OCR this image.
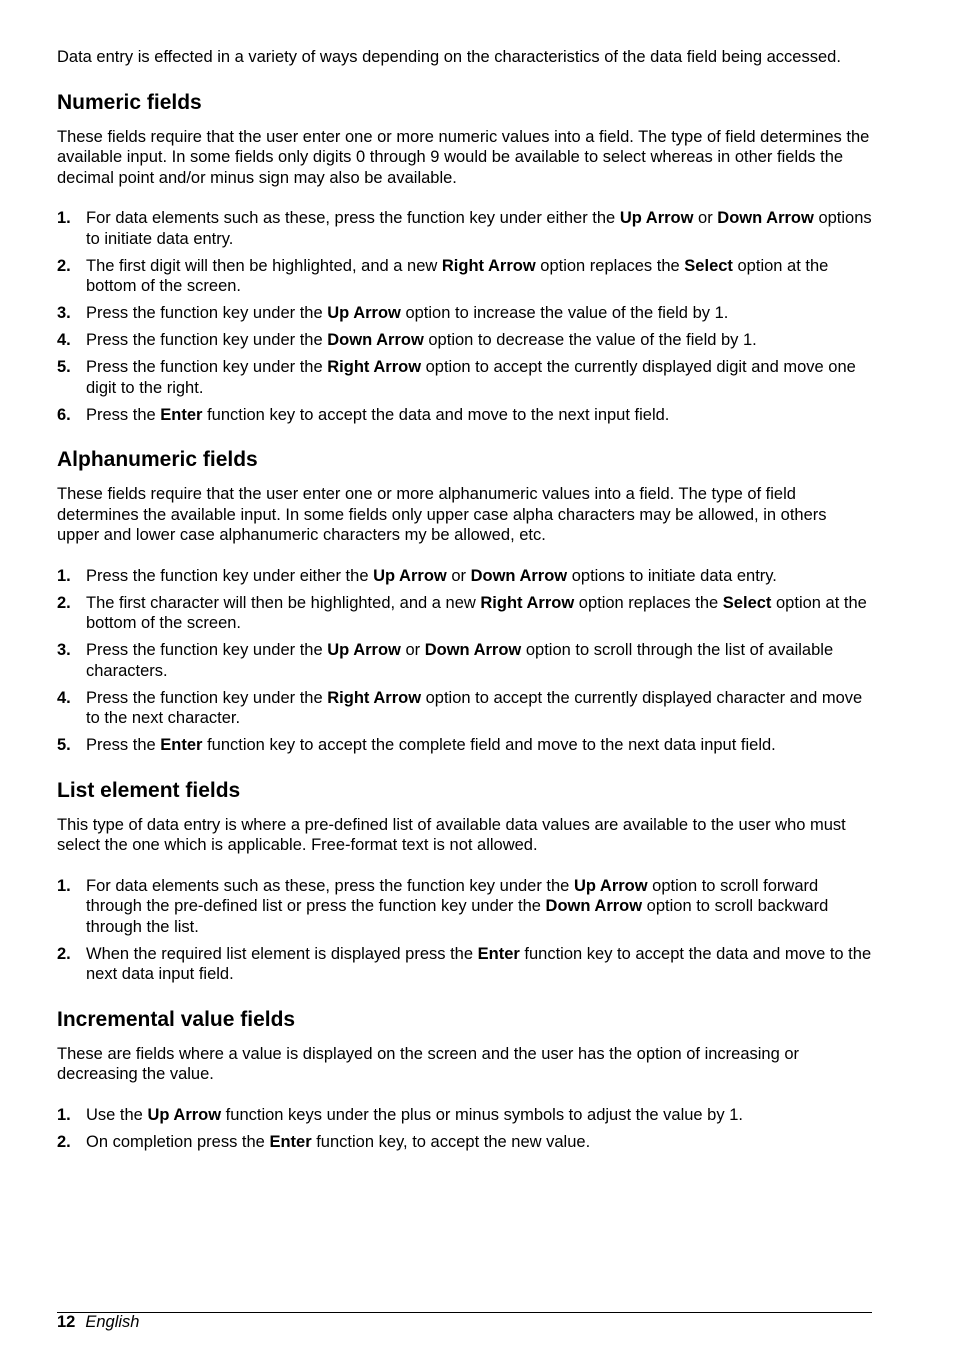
Data entry is effected in a variety of ways depending on the characteristics of the data field being accessed.

Numeric fields

These fields require that the user enter one or more numeric values into a field. The type of field determines the available input. In some fields only digits 0 through 9 would be available to select whereas in other fields the decimal point and/or minus sign may also be available.

1. For data elements such as these, press the function key under either the Up Arrow or Down Arrow options to initiate data entry.
2. The first digit will then be highlighted, and a new Right Arrow option replaces the Select option at the bottom of the screen.
3. Press the function key under the Up Arrow option to increase the value of the field by 1.
4. Press the function key under the Down Arrow option to decrease the value of the field by 1.
5. Press the function key under the Right Arrow option to accept the currently displayed digit and move one digit to the right.
6. Press the Enter function key to accept the data and move to the next input field.
Alphanumeric fields

These fields require that the user enter one or more alphanumeric values into a field. The type of field determines the available input. In some fields only upper case alpha characters may be allowed, in others upper and lower case alphanumeric characters my be allowed, etc.

1. Press the function key under either the Up Arrow or Down Arrow options to initiate data entry.
2. The first character will then be highlighted, and a new Right Arrow option replaces the Select option at the bottom of the screen.
3. Press the function key under the Up Arrow or Down Arrow option to scroll through the list of available characters.
4. Press the function key under the Right Arrow option to accept the currently displayed character and move to the next character.
5. Press the Enter function key to accept the complete field and move to the next data input field.
List element fields

This type of data entry is where a pre-defined list of available data values are available to the user who must select the one which is applicable. Free-format text is not allowed.

1. For data elements such as these, press the function key under the Up Arrow option to scroll forward through the pre-defined list or press the function key under the Down Arrow option to scroll backward through the list.
2. When the required list element is displayed press the Enter function key to accept the data and move to the next data input field.
Incremental value fields

These are fields where a value is displayed on the screen and the user has the option of increasing or decreasing the value.

1. Use the Up Arrow function keys under the plus or minus symbols to adjust the value by 1.
2. On completion press the Enter function key, to accept the new value.
12 English
